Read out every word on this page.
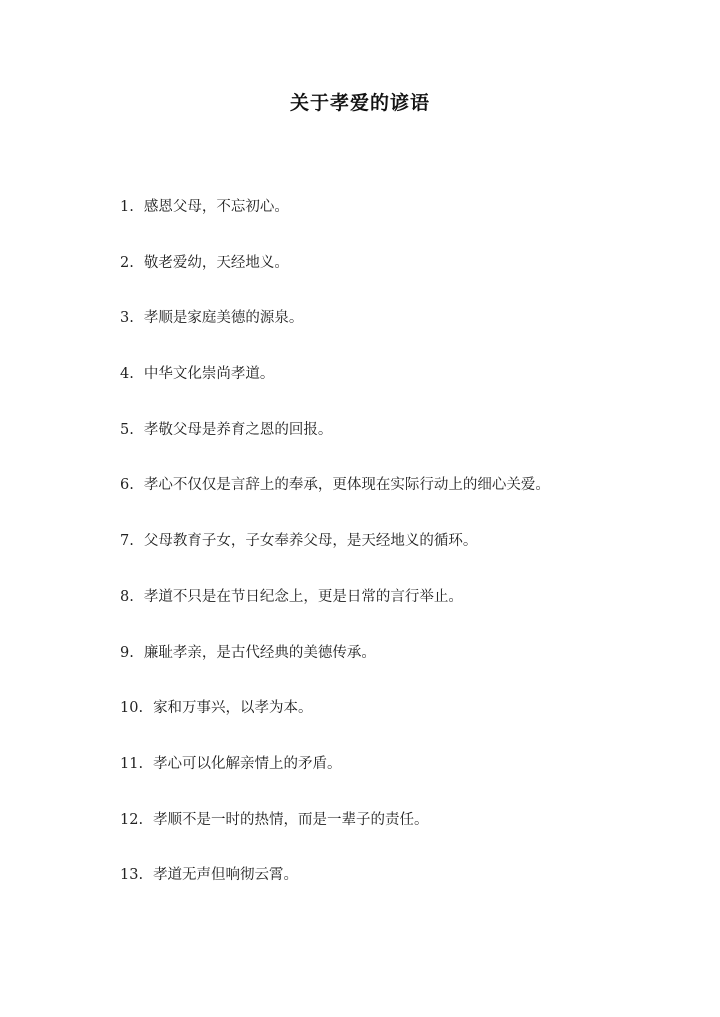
关于孝爱的谚语
1. 感恩父母，不忘初心。
2. 敬老爱幼，天经地义。
3. 孝顺是家庭美德的源泉。
4. 中华文化崇尚孝道。
5. 孝敬父母是养育之恩的回报。
6. 孝心不仅仅是言辞上的奉承，更体现在实际行动上的细心关爱。
7. 父母教育子女，子女奉养父母，是天经地义的循环。
8. 孝道不只是在节日纪念上，更是日常的言行举止。
9. 廉耻孝亲，是古代经典的美德传承。
10. 家和万事兴，以孝为本。
11. 孝心可以化解亲情上的矛盾。
12. 孝顺不是一时的热情，而是一辈子的责任。
13. 孝道无声但响彻云霄。
